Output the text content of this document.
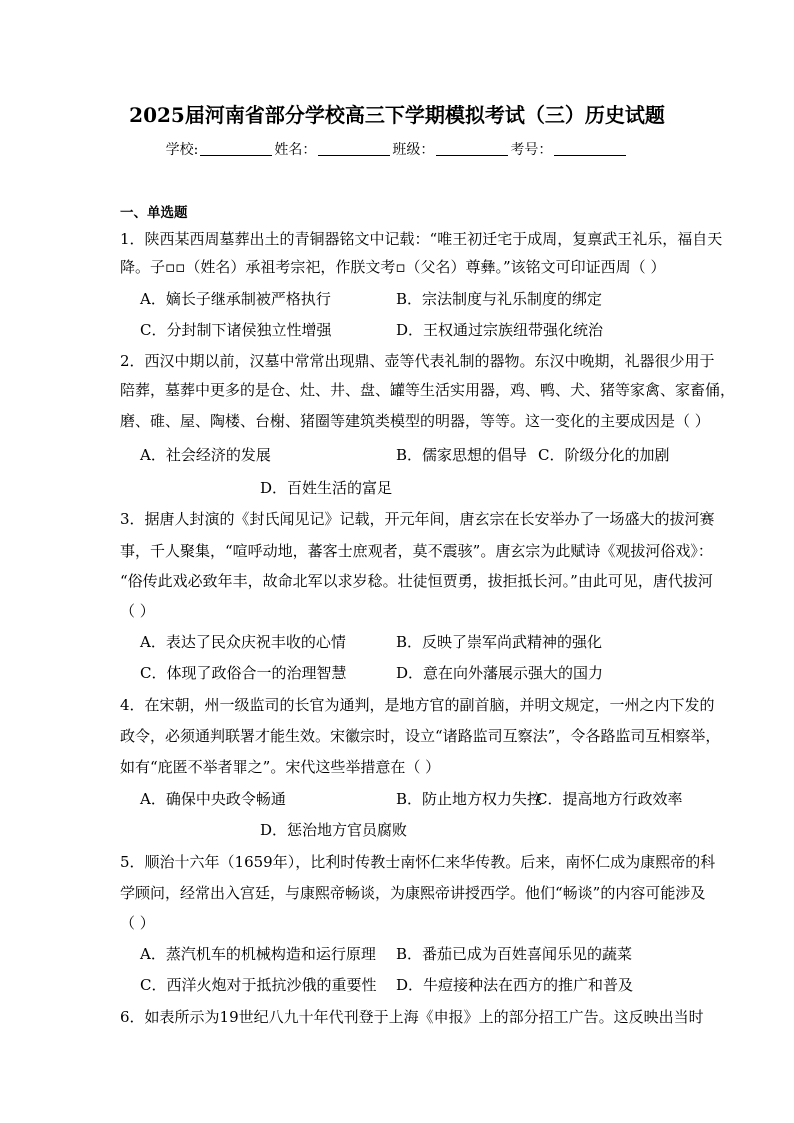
2025届河南省部分学校高三下学期模拟考试（三）历史试题
学校:	姓名：	班级：	考号：
一、单选题
1．陕西某西周墓葬出土的青铜器铭文中记载：“唯王初迁宅于成周，复禀武王礼乐，福自天
降。子▫▫（姓名）承祖考宗祀，作朕文考▫（父名）尊彝。”该铭文可印证西周（ ）
A．嫡长子继承制被严格执行	B．宗法制度与礼乐制度的绑定
C．分封制下诸侯独立性增强	D．王权通过宗族纽带强化统治
2．西汉中期以前，汉墓中常常出现鼎、壶等代表礼制的器物。东汉中晚期，礼器很少用于
陪葬，墓葬中更多的是仓、灶、井、盘、罐等生活实用器，鸡、鸭、犬、猪等家禽、家畜俑，
磨、碓、屋、陶楼、台榭、猪圈等建筑类模型的明器，等等。这一变化的主要成因是（ ）
A．社会经济的发展	B．儒家思想的倡导 C．阶级分化的加剧
D．百姓生活的富足
3．据唐人封演的《封氏闻见记》记载，开元年间，唐玄宗在长安举办了一场盛大的拔河赛
事，千人聚集，“喧呼动地，蕃客士庶观者，莫不震骇”。唐玄宗为此赋诗《观拔河俗戏》：
“俗传此戏必致年丰，故命北军以求岁稔。壮徒恒贾勇，拔拒抵长河。”由此可见，唐代拔河
（ ）
A．表达了民众庆祝丰收的心情	B．反映了崇军尚武精神的强化
C．体现了政俗合一的治理智慧	D．意在向外藩展示强大的国力
4．在宋朝，州一级监司的长官为通判，是地方官的副首脑，并明文规定，一州之内下发的
政令，必须通判联署才能生效。宋徽宗时，设立“诸路监司互察法”，令各路监司互相察举，
如有“庇匿不举者罪之”。宋代这些举措意在（ ）
A．确保中央政令畅通	B．防止地方权力失控
C．提高地方行政效率
D．惩治地方官员腐败
5．顺治十六年（1659年），比利时传教士南怀仁来华传教。后来，南怀仁成为康熙帝的科
学顾问，经常出入宫廷，与康熙帝畅谈，为康熙帝讲授西学。他们“畅谈”的内容可能涉及
（ ）
A．蒸汽机车的机械构造和运行原理 B．番茄已成为百姓喜闻乐见的蔬菜
C．西洋火炮对于抵抗沙俄的重要性 D．牛痘接种法在西方的推广和普及
6．如表所示为19世纪八九十年代刊登于上海《申报》上的部分招工广告。这反映出当时
